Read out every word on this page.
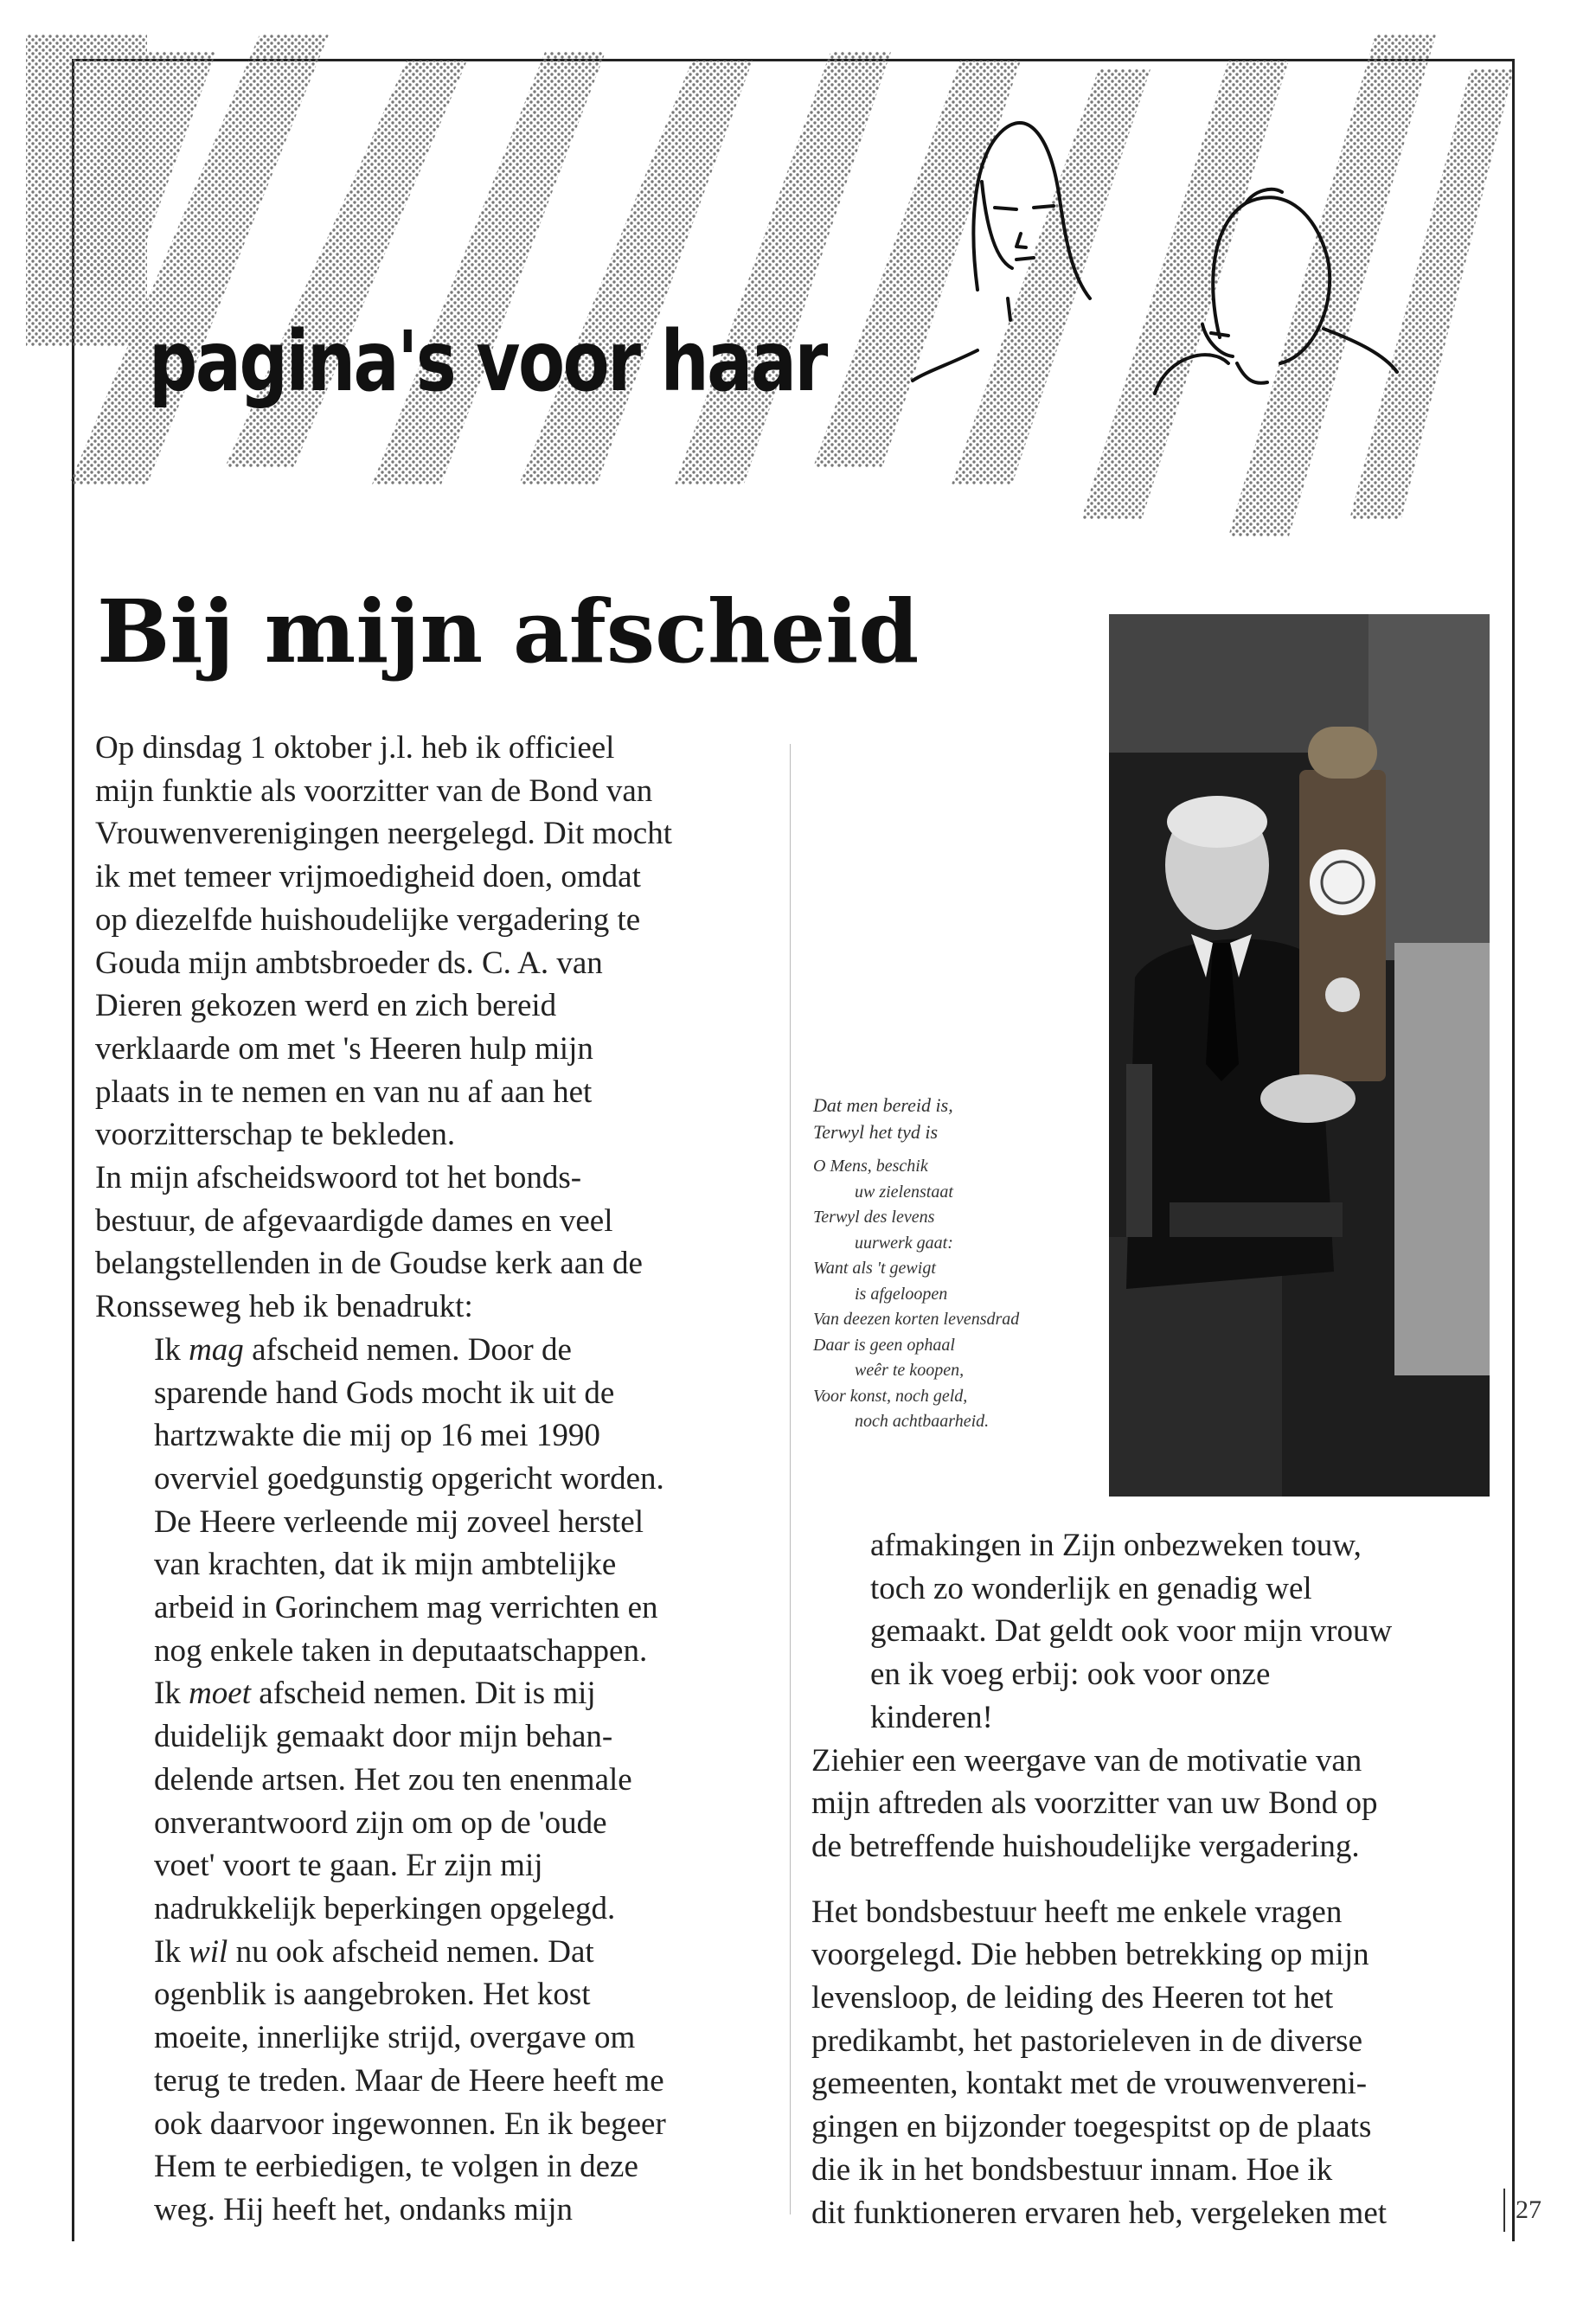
pagina's voor haar
Bij mijn afscheid

Op dinsdag 1 oktober j.l. heb ik officieel

mijn funktie als voorzitter van de Bond van

Vrouwenverenigingen neergelegd. Dit mocht

ik met temeer vrijmoedigheid doen, omdat

op diezelfde huishoudelijke vergadering te

Gouda mijn ambtsbroeder ds. C. A. van

Dieren gekozen werd en zich bereid

verklaarde om met 's Heeren hulp mijn

plaats in te nemen en van nu af aan het

voorzitterschap te bekleden.

In mijn afscheidswoord tot het bonds-

bestuur, de afgevaardigde dames en veel

belangstellenden in de Goudse kerk aan de

Ronsseweg heb ik benadrukt:

Ik mag afscheid nemen. Door de

sparende hand Gods mocht ik uit de

hartzwakte die mij op 16 mei 1990

overviel goedgunstig opgericht worden.

De Heere verleende mij zoveel herstel

van krachten, dat ik mijn ambtelijke

arbeid in Gorinchem mag verrichten en

nog enkele taken in deputaatschappen.

Ik moet afscheid nemen. Dit is mij

duidelijk gemaakt door mijn behan-

delende artsen. Het zou ten enenmale

onverantwoord zijn om op de 'oude

voet' voort te gaan. Er zijn mij

nadrukkelijk beperkingen opgelegd.

Ik wil nu ook afscheid nemen. Dat

ogenblik is aangebroken. Het kost

moeite, innerlijke strijd, overgave om

terug te treden. Maar de Heere heeft me

ook daarvoor ingewonnen. En ik begeer

Hem te eerbiedigen, te volgen in deze

weg. Hij heeft het, ondanks mijn

Dat men bereid is,

Terwyl het tyd is

O Mens, beschik

uw zielenstaat

Terwyl des levens

uurwerk gaat:

Want als 't gewigt

is afgeloopen

Van deezen korten levensdrad

Daar is geen ophaal

weêr te koopen,

Voor konst, noch geld,

noch achtbaarheid.

afmakingen in Zijn onbezweken touw,

toch zo wonderlijk en genadig wel

gemaakt. Dat geldt ook voor mijn vrouw

en ik voeg erbij: ook voor onze

kinderen!

Ziehier een weergave van de motivatie van

mijn aftreden als voorzitter van uw Bond op

de betreffende huishoudelijke vergadering.

Het bondsbestuur heeft me enkele vragen

voorgelegd. Die hebben betrekking op mijn

levensloop, de leiding des Heeren tot het

predikambt, het pastorieleven in de diverse

gemeenten, kontakt met de vrouwenvereni-

gingen en bijzonder toegespitst op de plaats

die ik in het bondsbestuur innam. Hoe ik

dit funktioneren ervaren heb, vergeleken met	27
